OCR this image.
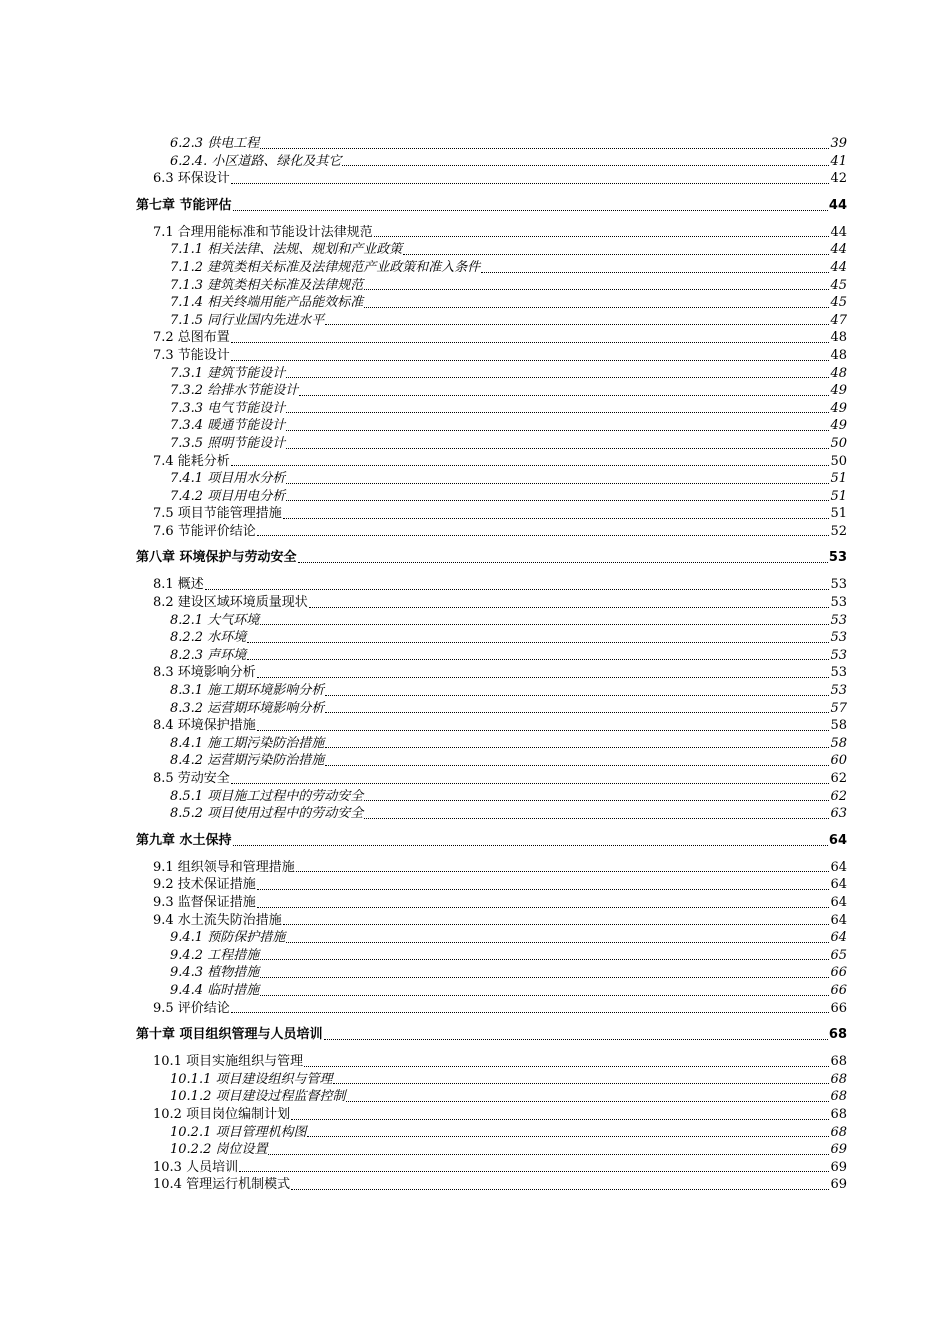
6.2.3 供电工程	39
6.2.4. 小区道路、绿化及其它	41
6.3 环保设计	42
第七章 节能评估	44
7.1 合理用能标准和节能设计法律规范	44
7.1.1 相关法律、法规、规划和产业政策	44
7.1.2 建筑类相关标准及法律规范产业政策和准入条件	44
7.1.3 建筑类相关标准及法律规范	45
7.1.4 相关终端用能产品能效标准	45
7.1.5 同行业国内先进水平	47
7.2 总图布置	48
7.3 节能设计	48
7.3.1 建筑节能设计	48
7.3.2 给排水节能设计	49
7.3.3 电气节能设计	49
7.3.4 暖通节能设计	49
7.3.5 照明节能设计	50
7.4 能耗分析	50
7.4.1 项目用水分析	51
7.4.2 项目用电分析	51
7.5 项目节能管理措施	51
7.6 节能评价结论	52
第八章 环境保护与劳动安全	53
8.1 概述	53
8.2 建设区域环境质量现状	53
8.2.1 大气环境	53
8.2.2 水环境	53
8.2.3 声环境	53
8.3 环境影响分析	53
8.3.1 施工期环境影响分析	53
8.3.2 运营期环境影响分析	57
8.4 环境保护措施	58
8.4.1 施工期污染防治措施	58
8.4.2 运营期污染防治措施	60
8.5 劳动安全	62
8.5.1 项目施工过程中的劳动安全	62
8.5.2 项目使用过程中的劳动安全	63
第九章 水土保持	64
9.1 组织领导和管理措施	64
9.2 技术保证措施	64
9.3 监督保证措施	64
9.4 水土流失防治措施	64
9.4.1 预防保护措施	64
9.4.2 工程措施	65
9.4.3 植物措施	66
9.4.4 临时措施	66
9.5 评价结论	66
第十章 项目组织管理与人员培训	68
10.1 项目实施组织与管理	68
10.1.1 项目建设组织与管理	68
10.1.2 项目建设过程监督控制	68
10.2 项目岗位编制计划	68
10.2.1 项目管理机构图	68
10.2.2 岗位设置	69
10.3 人员培训	69
10.4 管理运行机制模式	69
